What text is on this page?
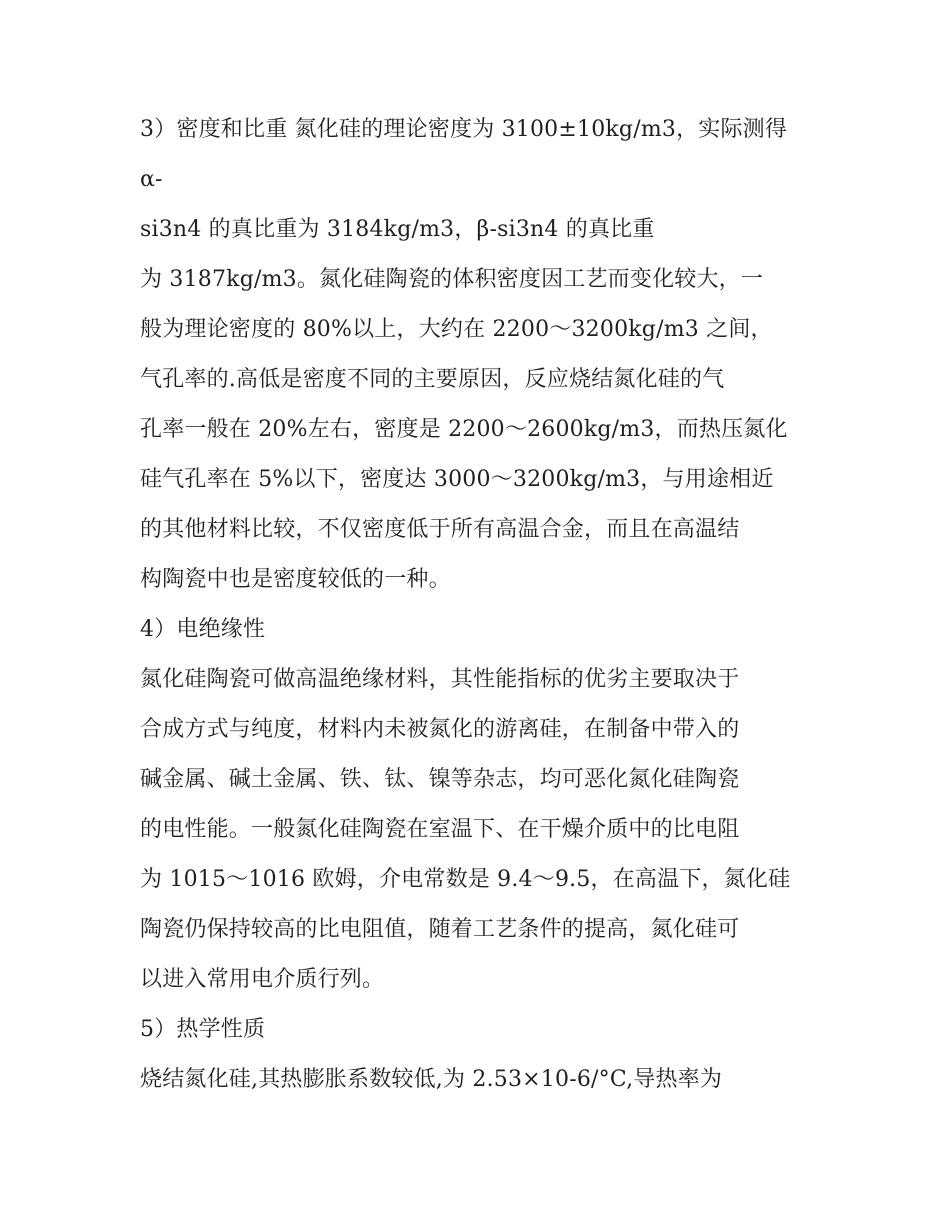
3）密度和比重 氮化硅的理论密度为 3100±10kg/m3，实际测得
α-
si3n4 的真比重为 3184kg/m3，β-si3n4 的真比重
为 3187kg/m3。氮化硅陶瓷的体积密度因工艺而变化较大，一
般为理论密度的 80%以上，大约在 2200～3200kg/m3 之间，
气孔率的.高低是密度不同的主要原因，反应烧结氮化硅的气
孔率一般在 20%左右，密度是 2200～2600kg/m3，而热压氮化
硅气孔率在 5%以下，密度达 3000～3200kg/m3，与用途相近
的其他材料比较，不仅密度低于所有高温合金，而且在高温结
构陶瓷中也是密度较低的一种。
4）电绝缘性
氮化硅陶瓷可做高温绝缘材料，其性能指标的优劣主要取决于
合成方式与纯度，材料内未被氮化的游离硅，在制备中带入的
碱金属、碱土金属、铁、钛、镍等杂志，均可恶化氮化硅陶瓷
的电性能。一般氮化硅陶瓷在室温下、在干燥介质中的比电阻
为 1015～1016 欧姆，介电常数是 9.4～9.5，在高温下，氮化硅
陶瓷仍保持较高的比电阻值，随着工艺条件的提高，氮化硅可
以进入常用电介质行列。
5）热学性质
烧结氮化硅,其热膨胀系数较低,为 2.53×10-6/°C,导热率为
